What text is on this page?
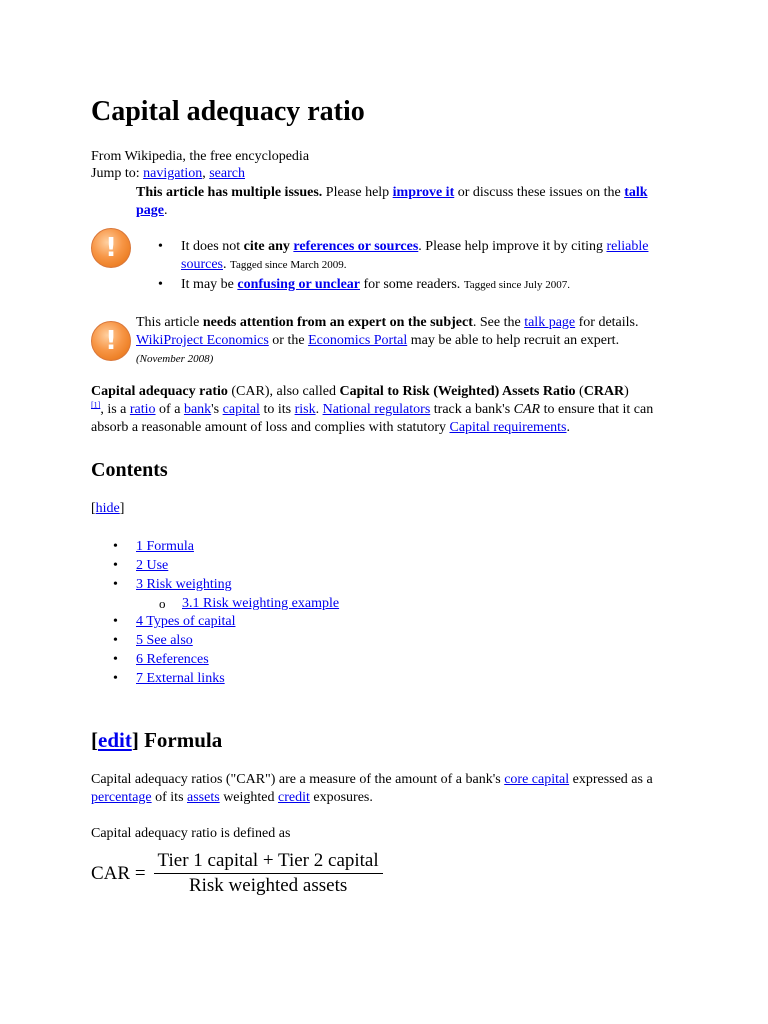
Capital adequacy ratio
From Wikipedia, the free encyclopedia
Jump to: navigation, search
This article has multiple issues. Please help improve it or discuss these issues on the talk page.
!
•	It does not cite any references or sources. Please help improve it by citing reliable sources. Tagged since March 2009.
• It may be confusing or unclear for some readers. Tagged since July 2007.
!
This article needs attention from an expert on the subject. See the talk page for details. WikiProject Economics or the Economics Portal may be able to help recruit an expert.
(November 2008)
Capital adequacy ratio (CAR), also called Capital to Risk (Weighted) Assets Ratio (CRAR)
[1], is a ratio of a bank's capital to its risk. National regulators track a bank's CAR to ensure that it can absorb a reasonable amount of loss and complies with statutory Capital requirements.
Contents
[hide]
• 1 Formula
• 2 Use
• 3 Risk weighting
o 3.1 Risk weighting example
• 4 Types of capital
• 5 See also
• 6 References
• 7 External links
[edit] Formula
Capital adequacy ratios ("CAR") are a measure of the amount of a bank's core capital expressed as a percentage of its assets weighted credit exposures.
Capital adequacy ratio is defined as
CAR = $\frac{\text{Tier 1 capital + Tier 2 capital}}{\text{Risk weighted assets}}$
